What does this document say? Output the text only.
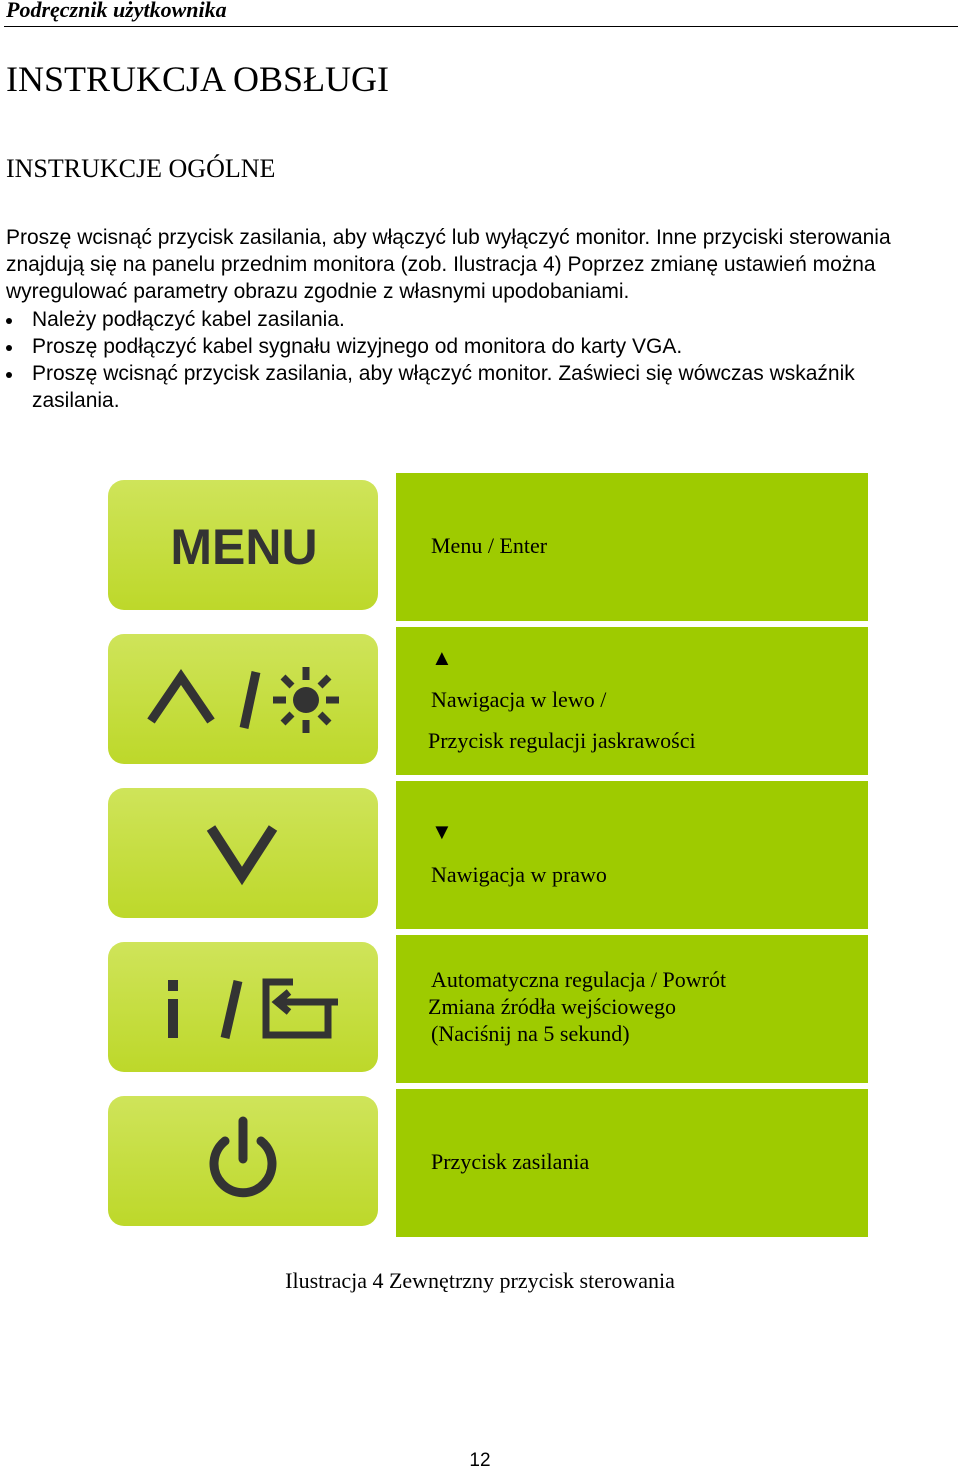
Podręcznik użytkownika
INSTRUKCJA OBSŁUGI
INSTRUKCJE OGÓLNE

Proszę wcisnąć przycisk zasilania, aby włączyć lub wyłączyć monitor. Inne przyciski sterowania znajdują się na panelu przednim monitora (zob. Ilustracja 4) Poprzez zmianę ustawień można wyregulować parametry obrazu zgodnie z własnymi upodobaniami.

Należy podłączyć kabel zasilania.
Proszę podłączyć kabel sygnału wizyjnego od monitora do karty VGA.
Proszę wcisnąć przycisk zasilania, aby włączyć monitor. Zaświeci się wówczas wskaźnik zasilania.
MENU	Menu / Enter
▲
Nawigacja w lewo /
Przycisk regulacji jaskrawości
▼
Nawigacja w prawo
Automatyczna regulacja / Powrót
Zmiana źródła wejściowego
(Naciśnij na 5 sekund)
Przycisk zasilania
Ilustracja 4 Zewnętrzny przycisk sterowania
12
